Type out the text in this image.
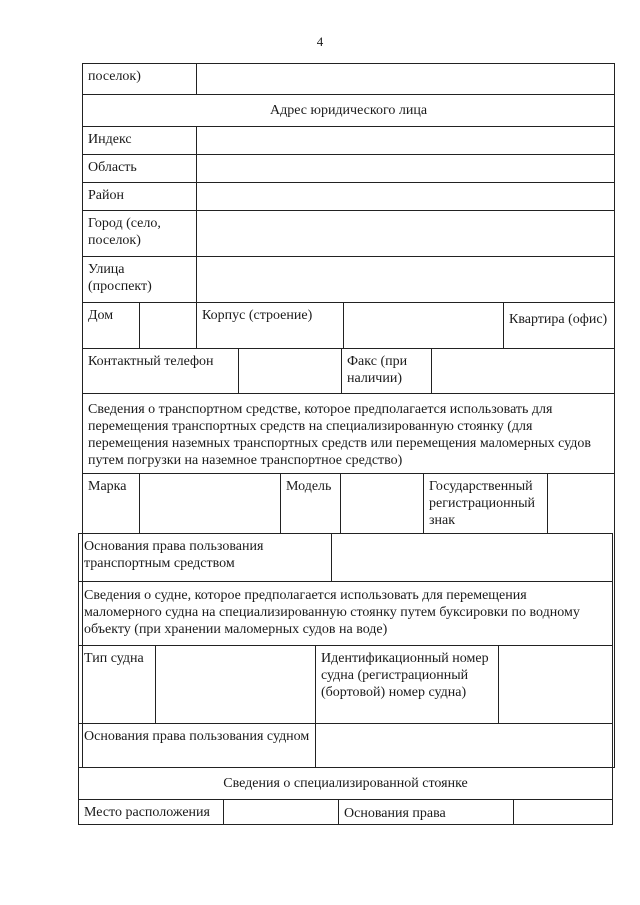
4
поселок)
Адрес юридического лица
Индекс
Область
Район
Город (село, поселок)
Улица (проспект)
Дом	Корпус (строение)	Квартира (офис)
Контактный телефон	Факс (при наличии)
Сведения о транспортном средстве, которое предполагается использовать для перемещения транспортных средств на специализированную стоянку (для перемещения наземных транспортных средств или перемещения маломерных судов путем погрузки на наземное транспортное средство)
Марка	Модель	Государственный регистрационный знак
Основания права пользования транспортным средством
Сведения о судне, которое предполагается использовать для перемещения маломерного судна на специализированную стоянку путем буксировки по водному объекту (при хранении маломерных судов на воде)
Тип судна	Идентификационный номер судна (регистрационный (бортовой) номер судна)
Основания права пользования судном
Сведения о специализированной стоянке
Место расположения	Основания права
